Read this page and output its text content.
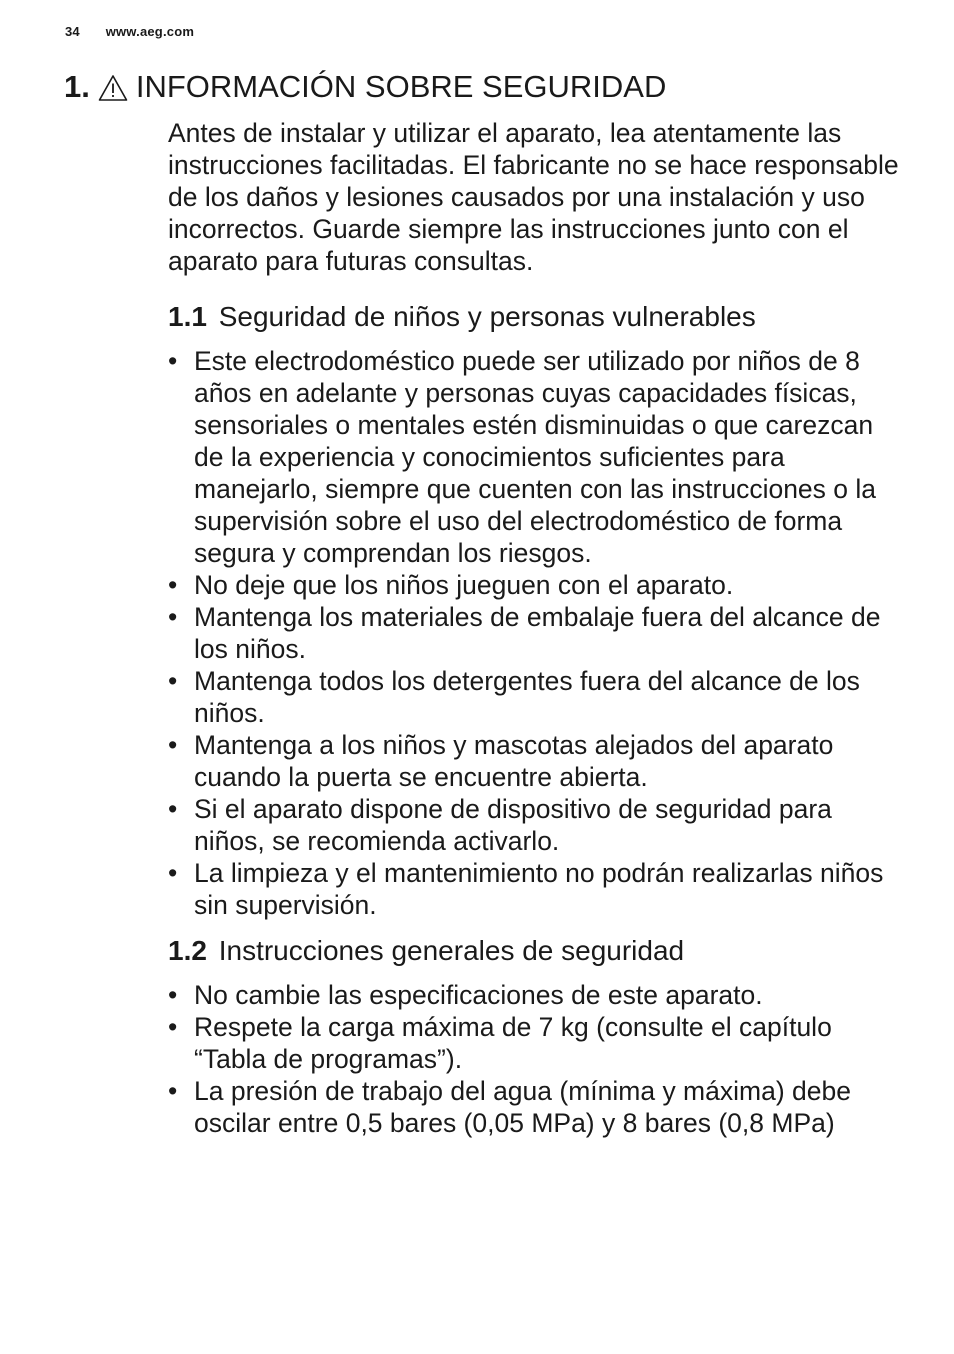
34 www.aeg.com
1. INFORMACIÓN SOBRE SEGURIDAD

Antes de instalar y utilizar el aparato, lea atentamente las instrucciones facilitadas. El fabricante no se hace responsable de los daños y lesiones causados por una instalación y uso incorrectos. Guarde siempre las instrucciones junto con el aparato para futuras consultas.

1.1 Seguridad de niños y personas vulnerables
• Este electrodoméstico puede ser utilizado por niños de 8 años en adelante y personas cuyas capacidades físicas, sensoriales o mentales estén disminuidas o que carezcan de la experiencia y conocimientos suficientes para manejarlo, siempre que cuenten con las instrucciones o la supervisión sobre el uso del electrodoméstico de forma segura y comprendan los riesgos.
• No deje que los niños jueguen con el aparato.
• Mantenga los materiales de embalaje fuera del alcance de los niños.
• Mantenga todos los detergentes fuera del alcance de los niños.
• Mantenga a los niños y mascotas alejados del aparato cuando la puerta se encuentre abierta.
• Si el aparato dispone de dispositivo de seguridad para niños, se recomienda activarlo.
• La limpieza y el mantenimiento no podrán realizarlas niños sin supervisión.
1.2 Instrucciones generales de seguridad
• No cambie las especificaciones de este aparato.
• Respete la carga máxima de 7 kg (consulte el capítulo “Tabla de programas”).
• La presión de trabajo del agua (mínima y máxima) debe oscilar entre 0,5 bares (0,05 MPa) y 8 bares (0,8 MPa)
